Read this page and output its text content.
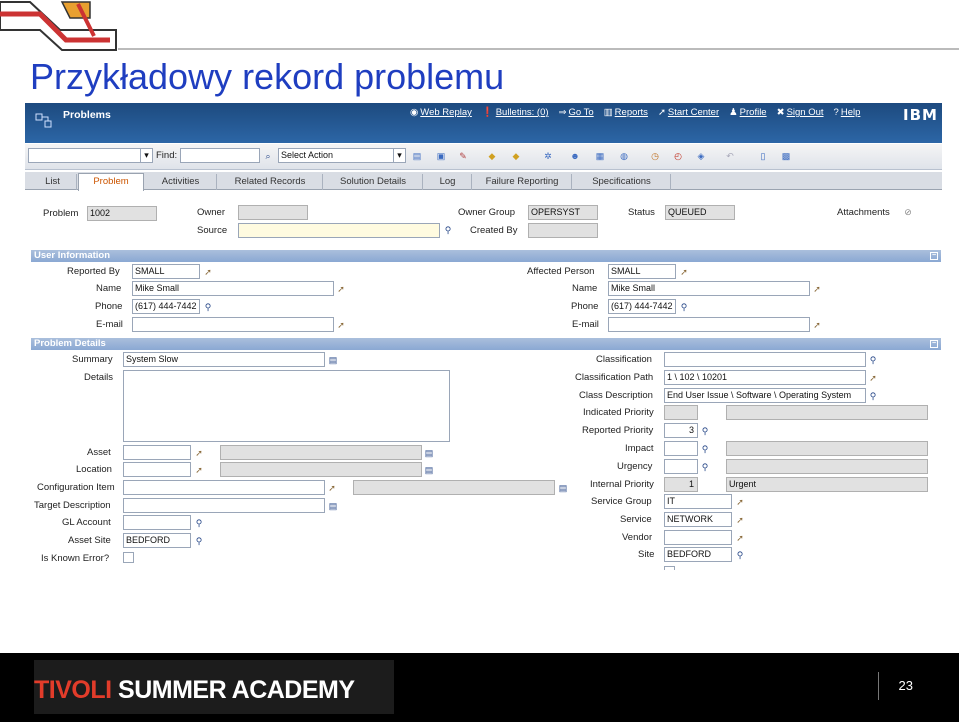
Przykładowy rekord problemu
Problems	◉ Web Replay ❗ Bulletins: (0) ⇒ Go To ▥ Reports ➚ Start Center ♟ Profile ✖ Sign Out ? Help	IBM
▾ Find:	⌕	Select Action	▾	▤ ▣ ✎ ◆ ◆	✲ ☻ ▦ ◍	◷ ◴ ◈ ↶	▯ ▩
List	Problem	Activities	Related Records	Solution Details	Log	Failure Reporting	Specifications
Problem	1002	Owner
Source	⚲
Owner Group	OPERSYST
Created By
Status	QUEUED	Attachments ⊘
User Information	−
Reported By	SMALL	➚
Name	Mike Small	➚
Phone	(617) 444-7442 ⚲
E-mail	➚
Affected Person	SMALL	➚
Name	Mike Small	➚
Phone	(617) 444-7442 ⚲
E-mail	➚
Problem Details	−
Summary	System Slow	▤
Details
Asset	➚	▤
Location	➚	▤
Configuration Item	➚	▤
Target Description	▤
GL Account	⚲
Asset Site	BEDFORD	⚲
Is Known Error?
Classification	⚲
Classification Path	1 \ 102 \ 10201	➚
Class Description	End User Issue \ Software \ Operating System	⚲
Indicated Priority
Reported Priority	3 ⚲
Impact	⚲
Urgency	⚲
Internal Priority	1	Urgent
Service Group	IT	➚
Service	NETWORK	➚
Vendor	➚
Site	BEDFORD	⚲
TIVOLI SUMMER ACADEMY	23
